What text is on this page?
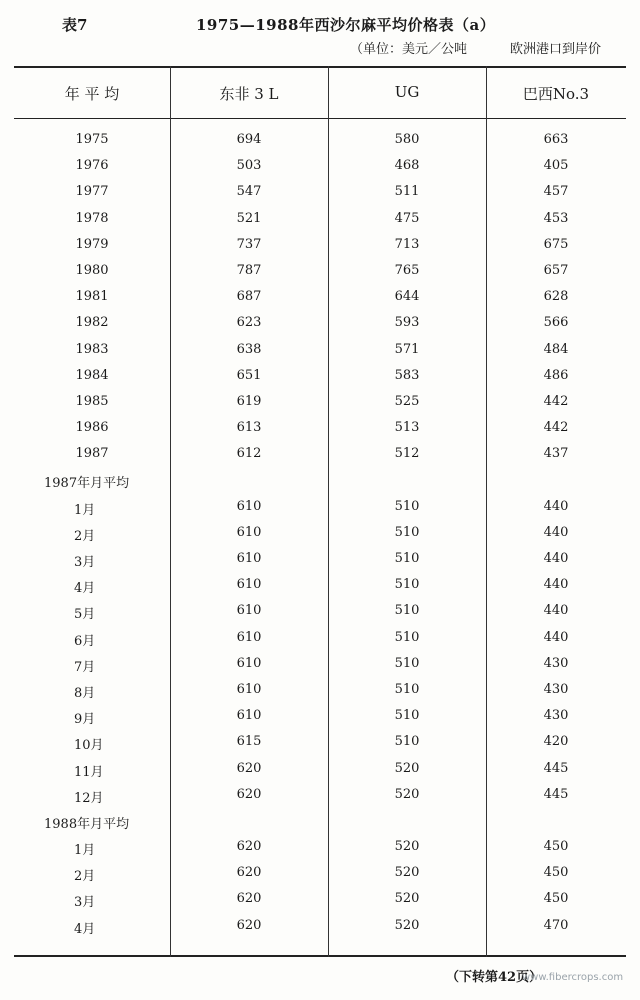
表7	1975—1988年西沙尔麻平均价格表（a）
（单位：美元／公吨	欧洲港口到岸价
年 平 均	东非 3 L	UG	巴西No.3
1975	694	580	663
1976	503	468	405
1977	547	511	457
1978	521	475	453
1979	737	713	675
1980	787	765	657
1981	687	644	628
1982	623	593	566
1983	638	571	484
1984	651	583	486
1985	619	525	442
1986	613	513	442
1987	612	512	437
1987年月平均
1月	610	510	440
2月	610	510	440
3月	610	510	440
4月	610	510	440
5月	610	510	440
6月	610	510	440
7月	610	510	430
8月	610	510	430
9月	610	510	430
10月	615	510	420
11月	620	520	445
12月	620	520	445
1988年月平均
1月	620	520	450
2月	620	520	450
3月	620	520	450
4月	620	520	470
（下转第42页）
www.fibercrops.com
